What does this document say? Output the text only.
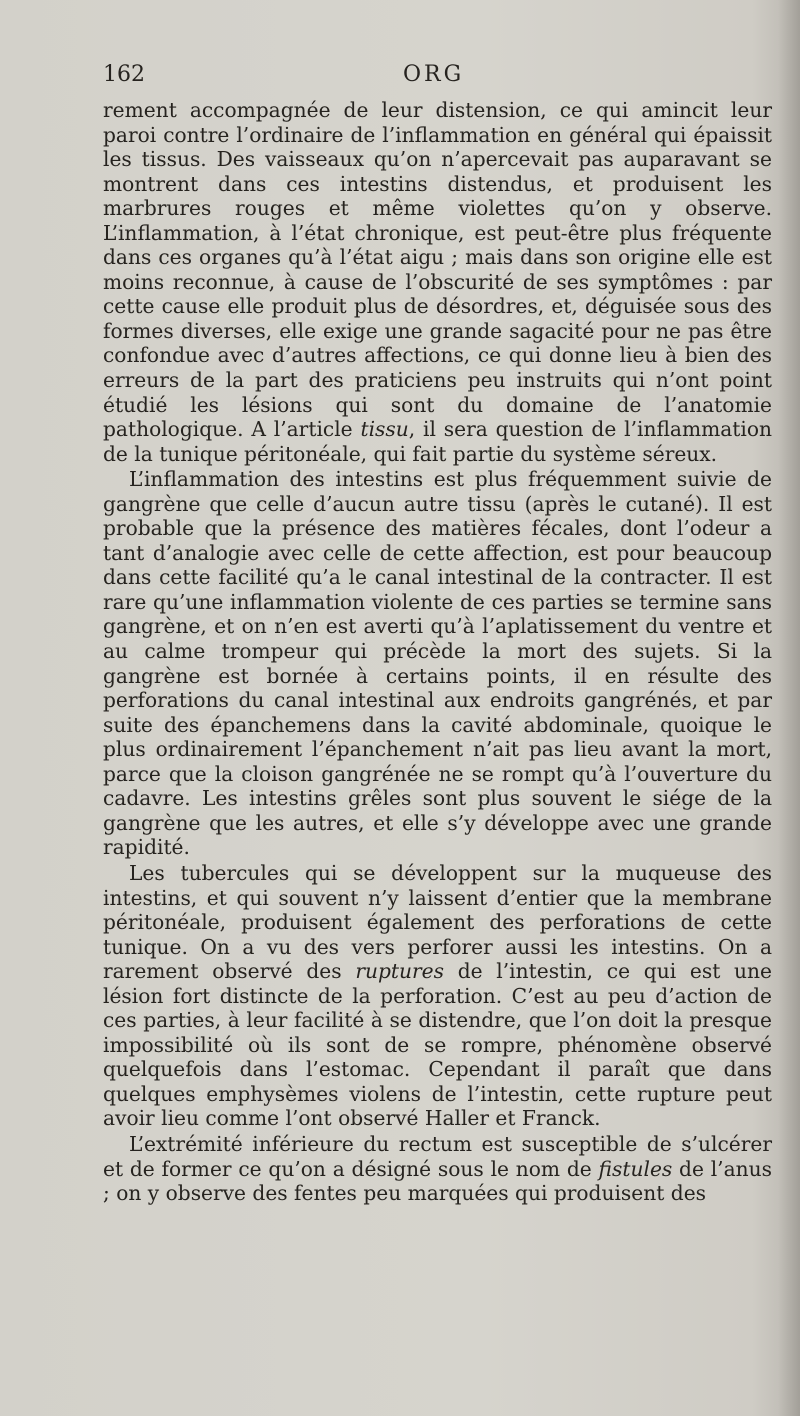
162	ORG

rement accompagnée de leur distension, ce qui amincit leur paroi contre l’ordinaire de l’inflammation en général qui épaissit les tissus. Des vaisseaux qu’on n’apercevait pas auparavant se montrent dans ces intestins distendus, et produisent les marbrures rouges et même violettes qu’on y observe. L’inflammation, à l’état chronique, est peut-être plus fréquente dans ces organes qu’à l’état aigu ; mais dans son origine elle est moins reconnue, à cause de l’obscurité de ses symptômes : par cette cause elle produit plus de désordres, et, déguisée sous des formes diverses, elle exige une grande sagacité pour ne pas être confondue avec d’autres affections, ce qui donne lieu à bien des erreurs de la part des praticiens peu instruits qui n’ont point étudié les lésions qui sont du domaine de l’anatomie pathologique. A l’article tissu, il sera question de l’inflammation de la tunique péritonéale, qui fait partie du système séreux.

L’inflammation des intestins est plus fréquemment suivie de gangrène que celle d’aucun autre tissu (après le cutané). Il est probable que la présence des matières fécales, dont l’odeur a tant d’analogie avec celle de cette affection, est pour beaucoup dans cette facilité qu’a le canal intestinal de la contracter. Il est rare qu’une inflammation violente de ces parties se termine sans gangrène, et on n’en est averti qu’à l’aplatissement du ventre et au calme trompeur qui précède la mort des sujets. Si la gangrène est bornée à certains points, il en résulte des perforations du canal intestinal aux endroits gangrénés, et par suite des épanchemens dans la cavité abdominale, quoique le plus ordinairement l’épanchement n’ait pas lieu avant la mort, parce que la cloison gangrénée ne se rompt qu’à l’ouverture du cadavre. Les intestins grêles sont plus souvent le siége de la gangrène que les autres, et elle s’y développe avec une grande rapidité.

Les tubercules qui se développent sur la muqueuse des intestins, et qui souvent n’y laissent d’entier que la membrane péritonéale, produisent également des perforations de cette tunique. On a vu des vers perforer aussi les intestins. On a rarement observé des ruptures de l’intestin, ce qui est une lésion fort distincte de la perforation. C’est au peu d’action de ces parties, à leur facilité à se distendre, que l’on doit la presque impossibilité où ils sont de se rompre, phénomène observé quelquefois dans l’estomac. Cependant il paraît que dans quelques emphysèmes violens de l’intestin, cette rupture peut avoir lieu comme l’ont observé Haller et Franck.

L’extrémité inférieure du rectum est susceptible de s’ulcérer et de former ce qu’on a désigné sous le nom de fistules de l’anus ; on y observe des fentes peu marquées qui produisent des
